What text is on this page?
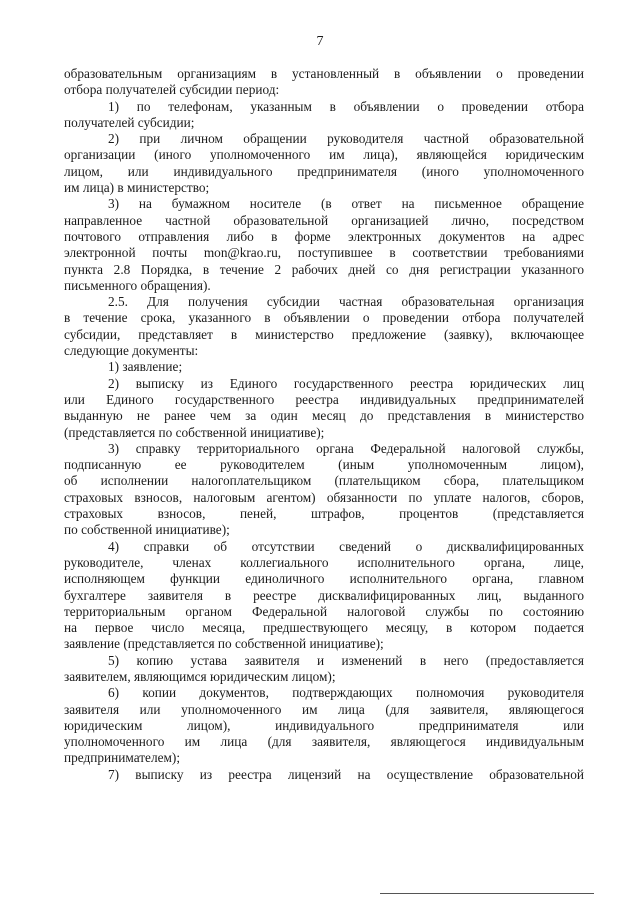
7

образовательным организациям в установленный в объявлении о проведении
отбора получателей субсидии период:
1) по телефонам, указанным в объявлении о проведении отбора
получателей субсидии;
2) при личном обращении руководителя частной образовательной
организации (иного уполномоченного им лица), являющейся юридическим
лицом, или индивидуального предпринимателя (иного уполномоченного
им лица) в министерство;
3) на бумажном носителе (в ответ на письменное обращение
направленное частной образовательной организацией лично, посредством
почтового отправления либо в форме электронных документов на адрес
электронной почты mon@krao.ru, поступившее в соответствии требованиями
пункта 2.8 Порядка, в течение 2 рабочих дней со дня регистрации указанного
письменного обращения).
2.5. Для получения субсидии частная образовательная организация
в течение срока, указанного в объявлении о проведении отбора получателей
субсидии, представляет в министерство предложение (заявку), включающее
следующие документы:
1) заявление;
2) выписку из Единого государственного реестра юридических лиц
или Единого государственного реестра индивидуальных предпринимателей
выданную не ранее чем за один месяц до представления в министерство
(представляется по собственной инициативе);
3) справку территориального органа Федеральной налоговой службы,
подписанную ее руководителем (иным уполномоченным лицом),
об исполнении налогоплательщиком (плательщиком сбора, плательщиком
страховых взносов, налоговым агентом) обязанности по уплате налогов, сборов,
страховых взносов, пеней, штрафов, процентов (представляется
по собственной инициативе);
4) справки об отсутствии сведений о дисквалифицированных
руководителе, членах коллегиального исполнительного органа, лице,
исполняющем функции единоличного исполнительного органа, главном
бухгалтере заявителя в реестре дисквалифицированных лиц, выданного
территориальным органом Федеральной налоговой службы по состоянию
на первое число месяца, предшествующего месяцу, в котором подается
заявление (представляется по собственной инициативе);
5) копию устава заявителя и изменений в него (предоставляется
заявителем, являющимся юридическим лицом);
6) копии документов, подтверждающих полномочия руководителя
заявителя или уполномоченного им лица (для заявителя, являющегося
юридическим лицом), индивидуального предпринимателя или
уполномоченного им лица (для заявителя, являющегося индивидуальным
предпринимателем);
7) выписку из реестра лицензий на осуществление образовательной
